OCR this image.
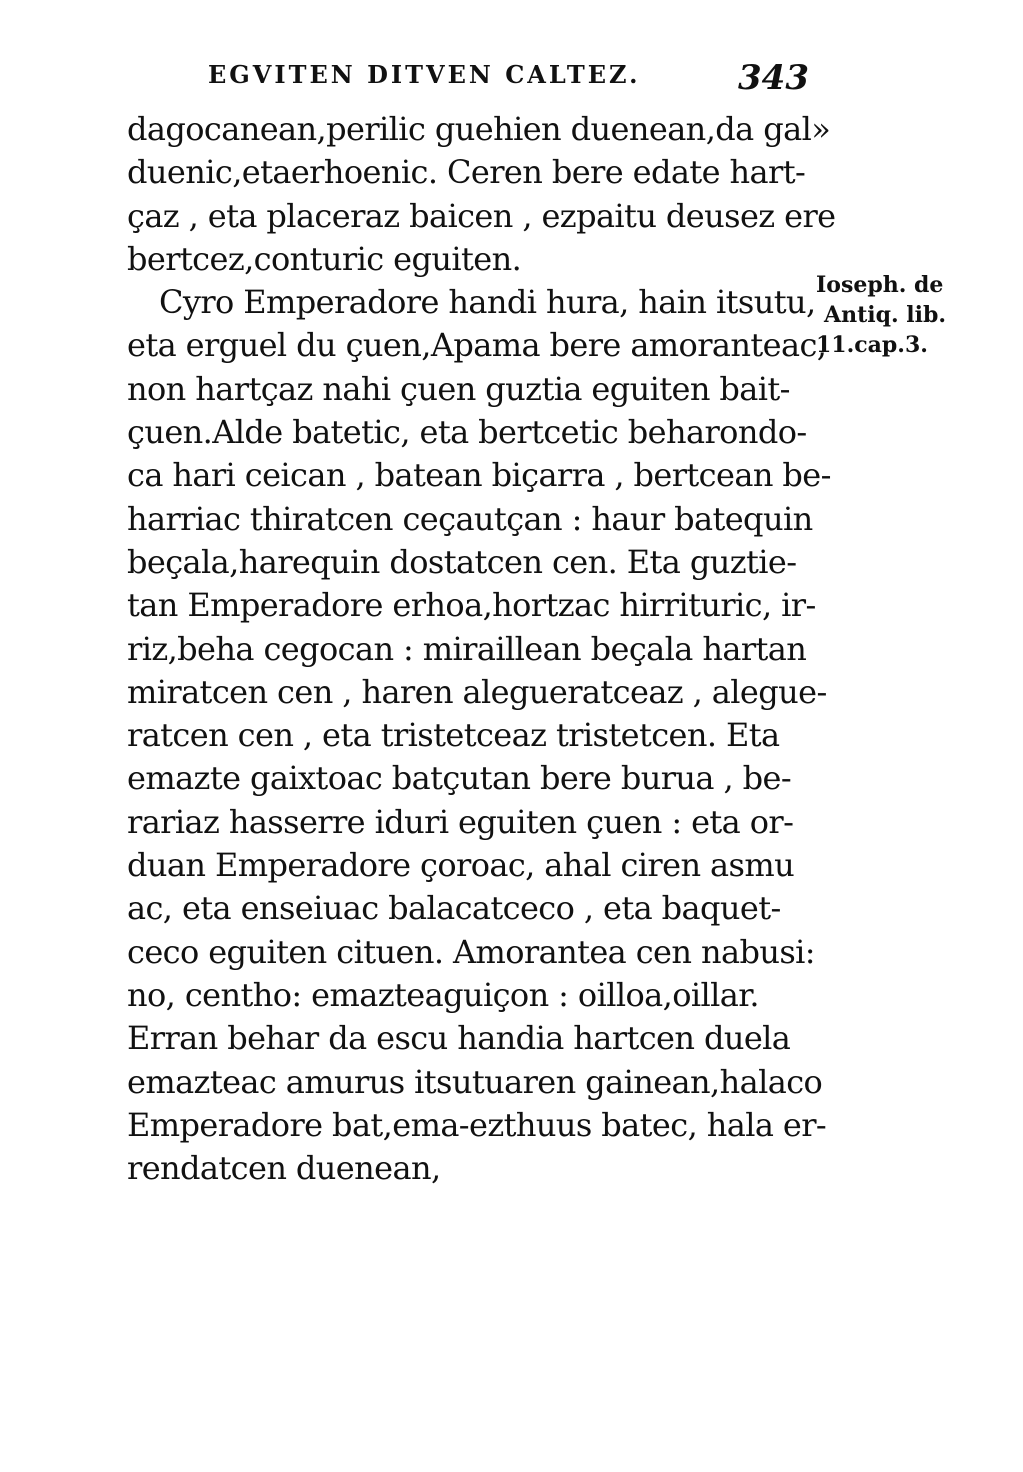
EGVITEN DITVEN CALTEZ.	343
dagocanean,perilic guehien duenean,da gal»
duenic,etaerhoenic. Ceren bere edate hart-
çaz , eta placeraz baicen , ezpaitu deusez ere
bertcez,conturic eguiten.
Cyro Emperadore handi hura, hain itsutu,
eta erguel du çuen,Apama bere amoranteac,
non hartçaz nahi çuen guztia eguiten bait-
çuen.Alde batetic, eta bertcetic beharondo-
ca hari ceican , batean biçarra , bertcean be-
harriac thiratcen ceçautçan : haur batequin
beçala,harequin dostatcen cen. Eta guztie-
tan Emperadore erhoa,hortzac hirrituric, ir-
riz,beha cegocan : miraillean beçala hartan
miratcen cen , haren alegueratceaz , alegue-
ratcen cen , eta tristetceaz tristetcen. Eta
emazte gaixtoac batçutan bere burua , be-
rariaz hasserre iduri eguiten çuen : eta or-
duan Emperadore çoroac, ahal ciren asmu
ac, eta enseiuac balacatceco , eta baquet-
ceco eguiten cituen. Amorantea cen nabusi:
no, centho: emazteaguiçon : oilloa,oillar.
Erran behar da escu handia hartcen duela
emazteac amurus itsutuaren gainean,halaco
Emperadore bat,ema-ezthuus batec, hala er-
rendatcen duenean,
Ioseph. de
Antiq. lib.
11.cap.3.
